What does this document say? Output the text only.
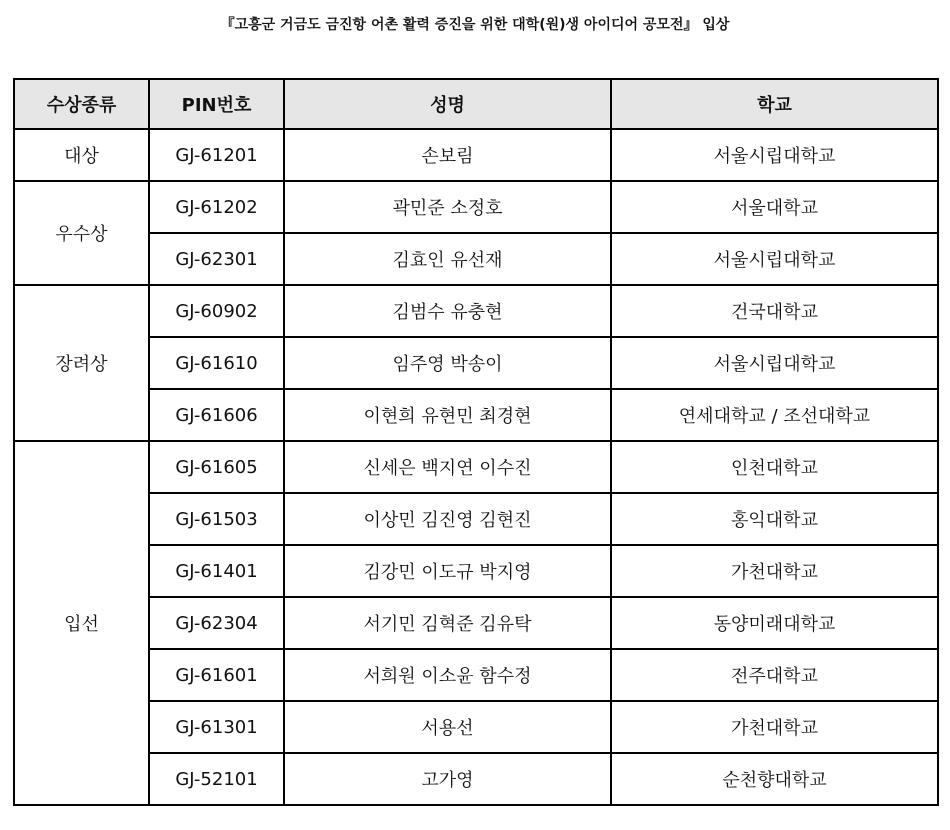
『고흥군 거금도 금진항 어촌 활력 증진을 위한 대학(원)생 아이디어 공모전』 입상
수상종류	PIN번호	성명	학교
대상	GJ-61201	손보림	서울시립대학교
우수상	GJ-61202	곽민준 소정호	서울대학교
	GJ-62301	김효인 유선재	서울시립대학교
장려상	GJ-60902	김범수 유충현	건국대학교
	GJ-61610	임주영 박송이	서울시립대학교
	GJ-61606	이현희 유현민 최경현	연세대학교 / 조선대학교
입선	GJ-61605	신세은 백지연 이수진	인천대학교
	GJ-61503	이상민 김진영 김현진	홍익대학교
	GJ-61401	김강민 이도규 박지영	가천대학교
	GJ-62304	서기민 김혁준 김유탁	동양미래대학교
	GJ-61601	서희원 이소윤 함수정	전주대학교
	GJ-61301	서용선	가천대학교
	GJ-52101	고가영	순천향대학교
